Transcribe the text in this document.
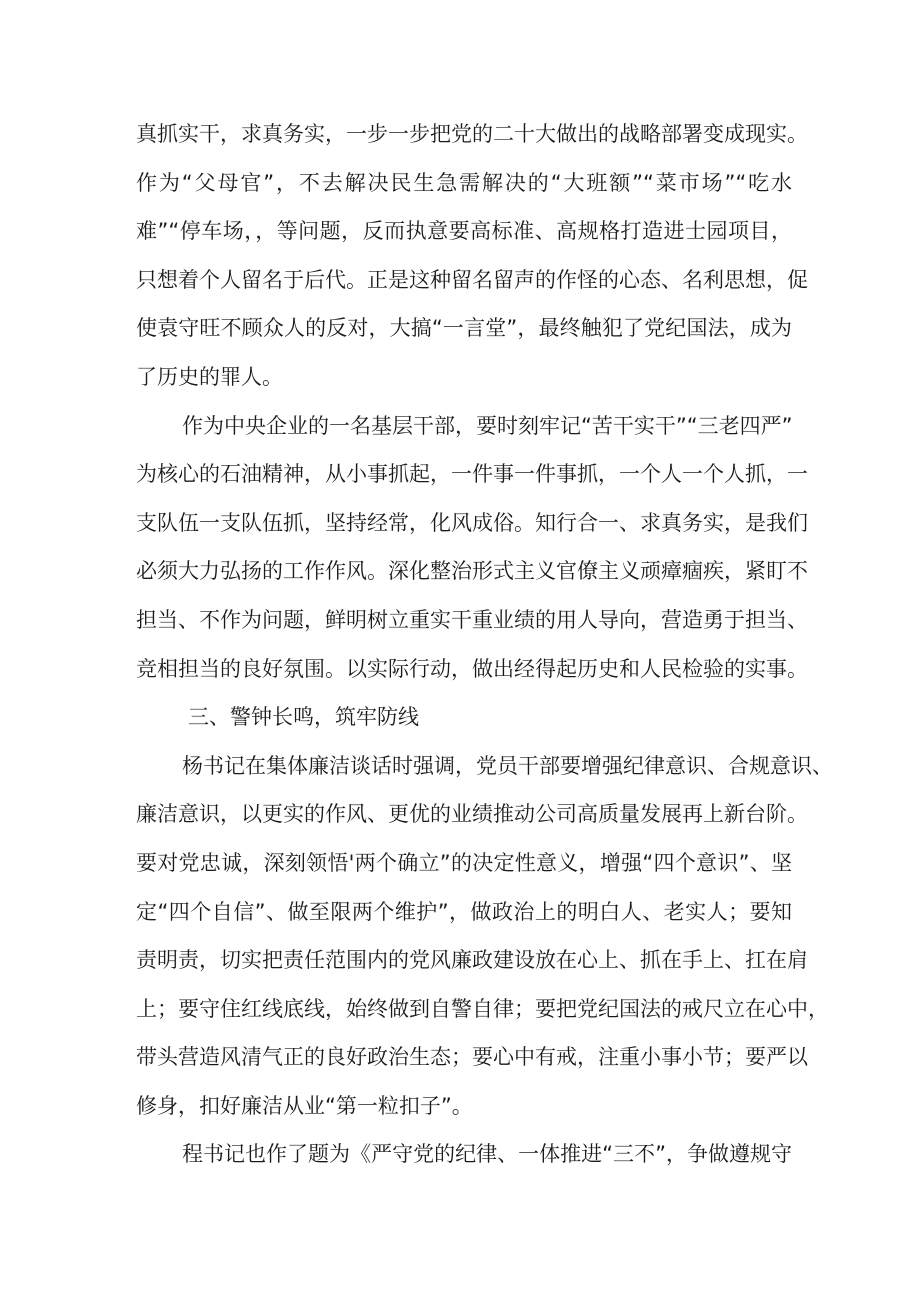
真抓实干，求真务实，一步一步把党的二十大做出的战略部署变成现实。
作为“父母官”，不去解决民生急需解决的“大班额”“菜市场”“吃水
难”“停车场，，等问题，反而执意要高标准、高规格打造进士园项目，
只想着个人留名于后代。正是这种留名留声的作怪的心态、名利思想，促
使袁守旺不顾众人的反对，大搞“一言堂”，最终触犯了党纪国法，成为
了历史的罪人。
作为中央企业的一名基层干部，要时刻牢记“苦干实干”“三老四严”
为核心的石油精神，从小事抓起，一件事一件事抓，一个人一个人抓，一
支队伍一支队伍抓，坚持经常，化风成俗。知行合一、求真务实，是我们
必须大力弘扬的工作作风。深化整治形式主义官僚主义顽瘴痼疾，紧盯不
担当、不作为问题，鲜明树立重实干重业绩的用人导向，营造勇于担当、
竞相担当的良好氛围。以实际行动，做出经得起历史和人民检验的实事。
三、警钟长鸣，筑牢防线
杨书记在集体廉洁谈话时强调，党员干部要增强纪律意识、合规意识、
廉洁意识，以更实的作风、更优的业绩推动公司高质量发展再上新台阶。
要对党忠诚，深刻领悟'两个确立”的决定性意义，增强“四个意识”、坚
定“四个自信”、做至限两个维护”，做政治上的明白人、老实人；要知
责明责，切实把责任范围内的党风廉政建设放在心上、抓在手上、扛在肩
上；要守住红线底线，始终做到自警自律；要把党纪国法的戒尺立在心中，
带头营造风清气正的良好政治生态；要心中有戒，注重小事小节；要严以
修身，扣好廉洁从业“第一粒扣子”。
程书记也作了题为《严守党的纪律、一体推进“三不”，争做遵规守
